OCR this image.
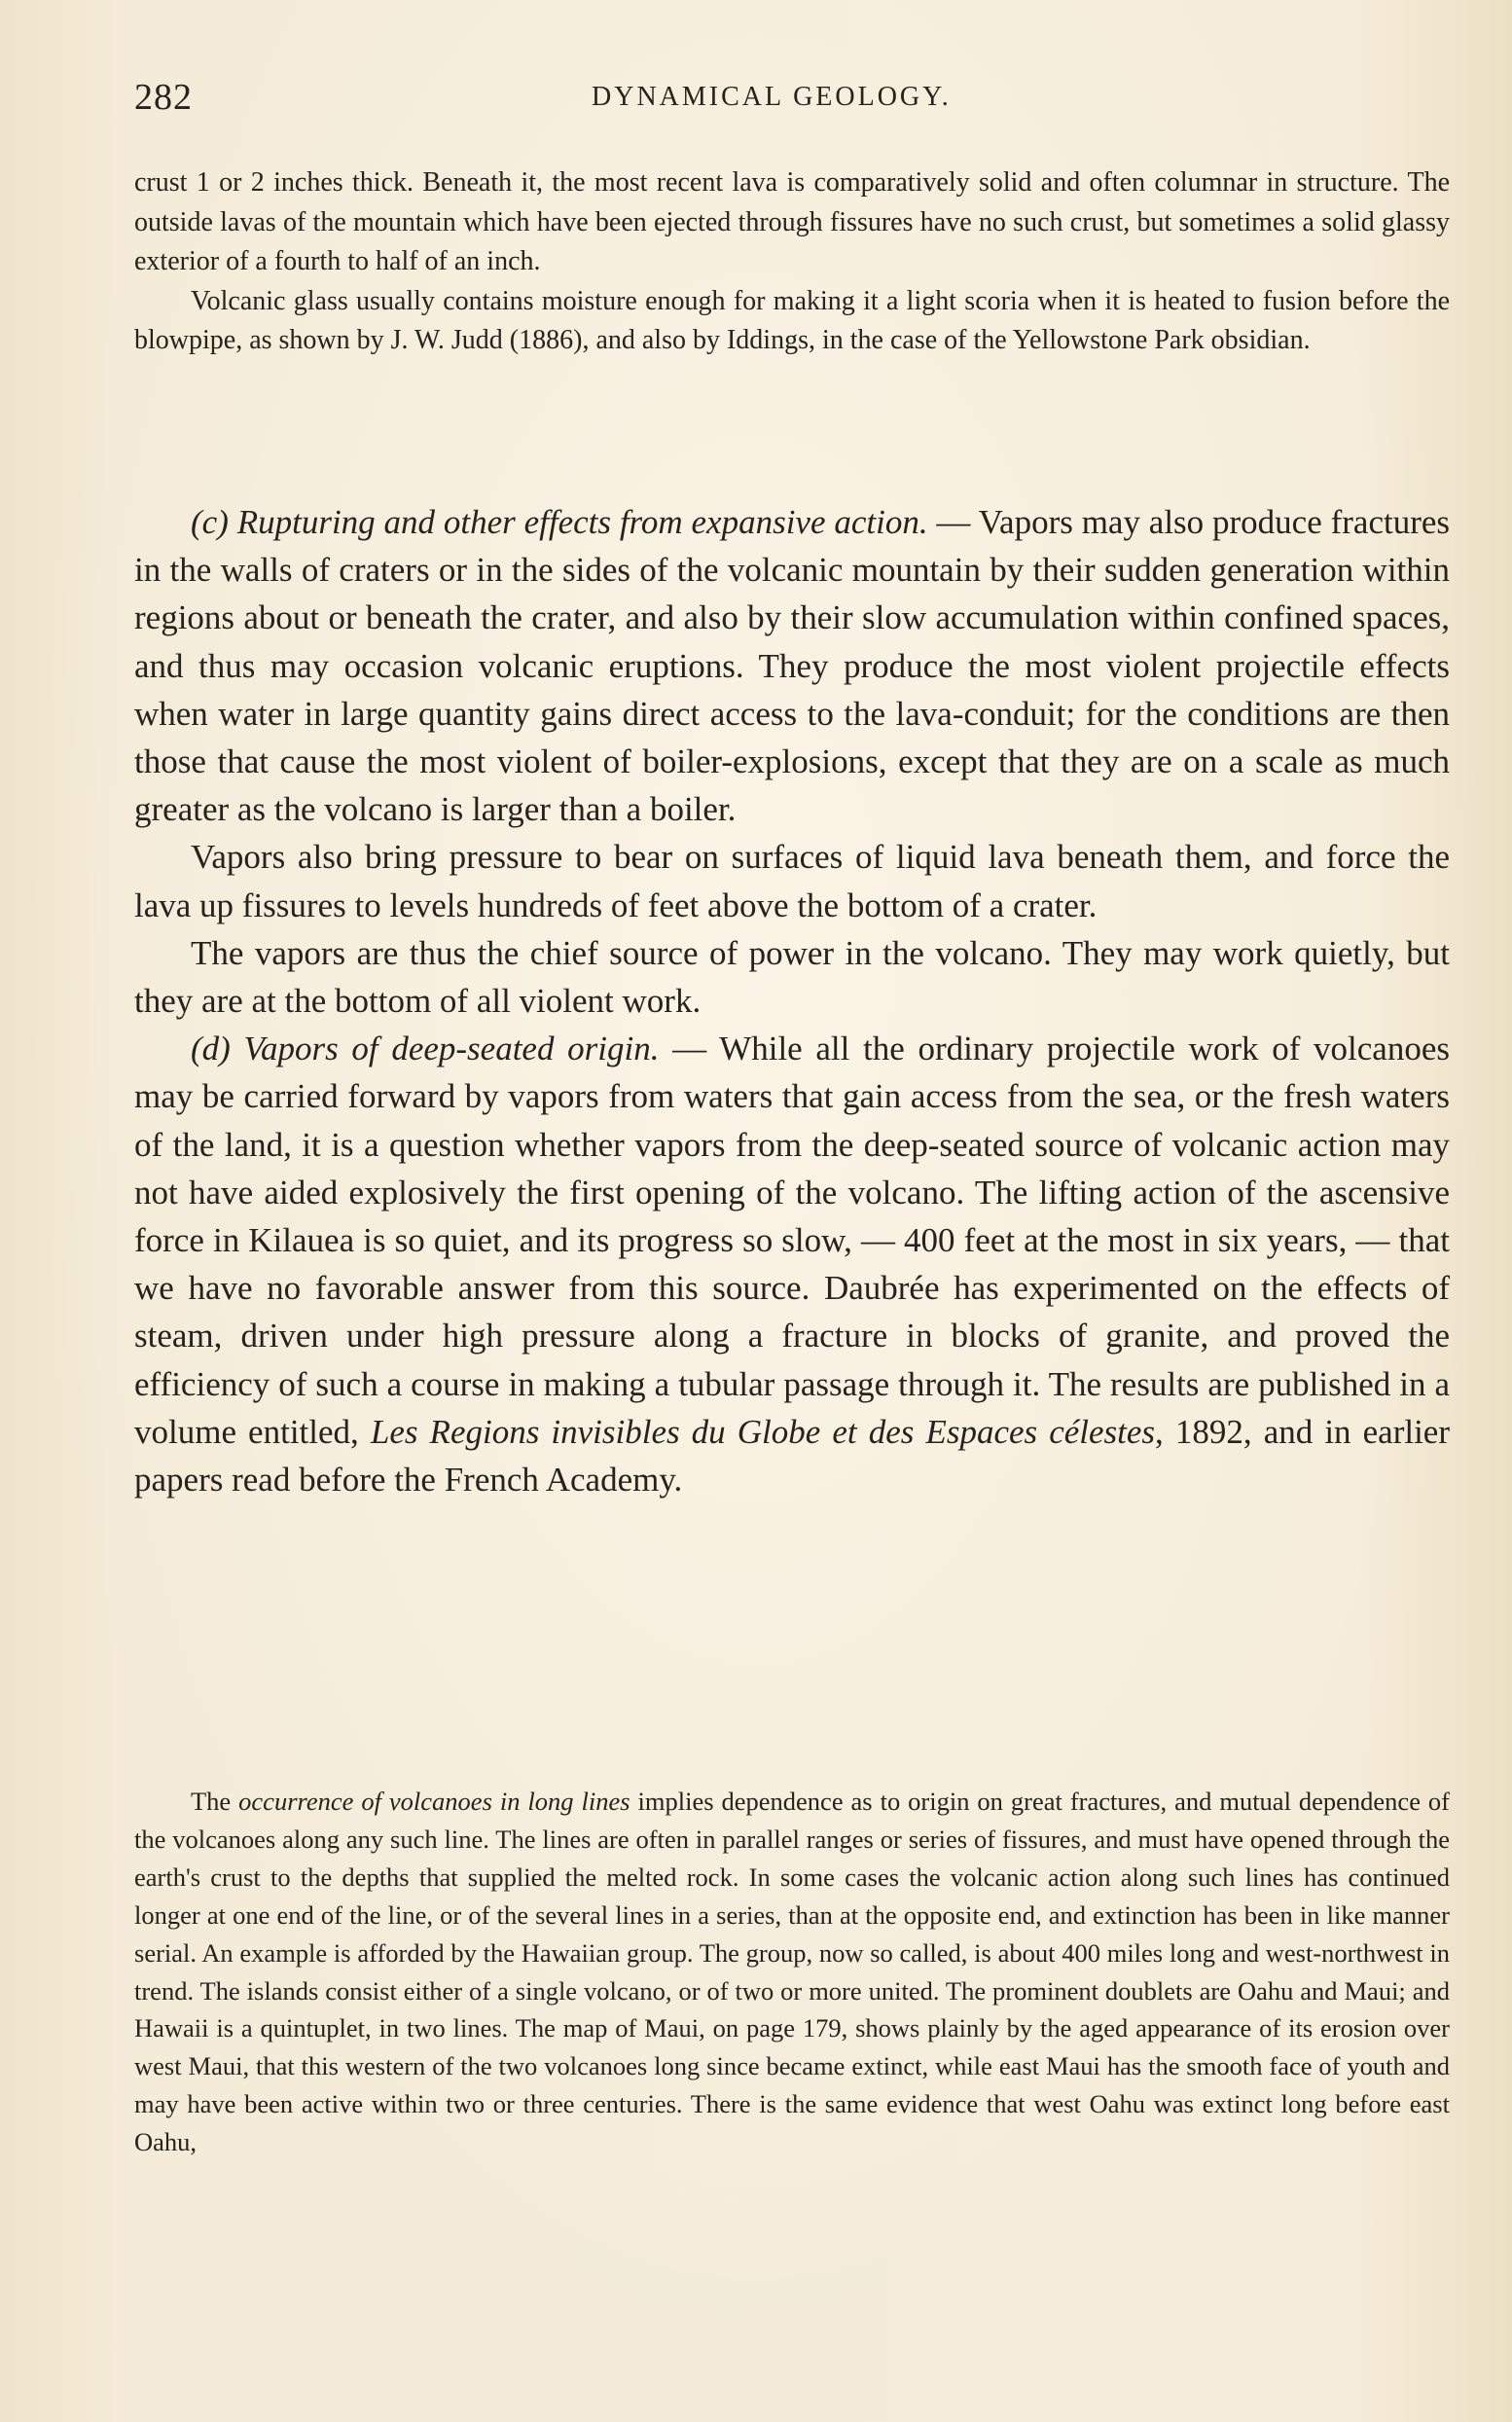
282	DYNAMICAL GEOLOGY.

crust 1 or 2 inches thick. Beneath it, the most recent lava is comparatively solid and often columnar in structure. The outside lavas of the mountain which have been ejected through fissures have no such crust, but sometimes a solid glassy exterior of a fourth to half of an inch.

Volcanic glass usually contains moisture enough for making it a light scoria when it is heated to fusion before the blowpipe, as shown by J. W. Judd (1886), and also by Iddings, in the case of the Yellowstone Park obsidian.

(c) Rupturing and other effects from expansive action. — Vapors may also produce fractures in the walls of craters or in the sides of the volcanic mountain by their sudden generation within regions about or beneath the crater, and also by their slow accumulation within confined spaces, and thus may occasion volcanic eruptions. They produce the most violent projectile effects when water in large quantity gains direct access to the lava-conduit; for the conditions are then those that cause the most violent of boiler-explosions, except that they are on a scale as much greater as the volcano is larger than a boiler.

Vapors also bring pressure to bear on surfaces of liquid lava beneath them, and force the lava up fissures to levels hundreds of feet above the bottom of a crater.

The vapors are thus the chief source of power in the volcano. They may work quietly, but they are at the bottom of all violent work.

(d) Vapors of deep-seated origin. — While all the ordinary projectile work of volcanoes may be carried forward by vapors from waters that gain access from the sea, or the fresh waters of the land, it is a question whether vapors from the deep-seated source of volcanic action may not have aided explosively the first opening of the volcano. The lifting action of the ascensive force in Kilauea is so quiet, and its progress so slow, — 400 feet at the most in six years, — that we have no favorable answer from this source. Daubrée has experimented on the effects of steam, driven under high pressure along a fracture in blocks of granite, and proved the efficiency of such a course in making a tubular passage through it. The results are published in a volume entitled, Les Regions invisibles du Globe et des Espaces célestes, 1892, and in earlier papers read before the French Academy.

The occurrence of volcanoes in long lines implies dependence as to origin on great fractures, and mutual dependence of the volcanoes along any such line. The lines are often in parallel ranges or series of fissures, and must have opened through the earth's crust to the depths that supplied the melted rock. In some cases the volcanic action along such lines has continued longer at one end of the line, or of the several lines in a series, than at the opposite end, and extinction has been in like manner serial. An example is afforded by the Hawaiian group. The group, now so called, is about 400 miles long and west-northwest in trend. The islands consist either of a single volcano, or of two or more united. The prominent doublets are Oahu and Maui; and Hawaii is a quintuplet, in two lines. The map of Maui, on page 179, shows plainly by the aged appearance of its erosion over west Maui, that this western of the two volcanoes long since became extinct, while east Maui has the smooth face of youth and may have been active within two or three centuries. There is the same evidence that west Oahu was extinct long before east Oahu,
